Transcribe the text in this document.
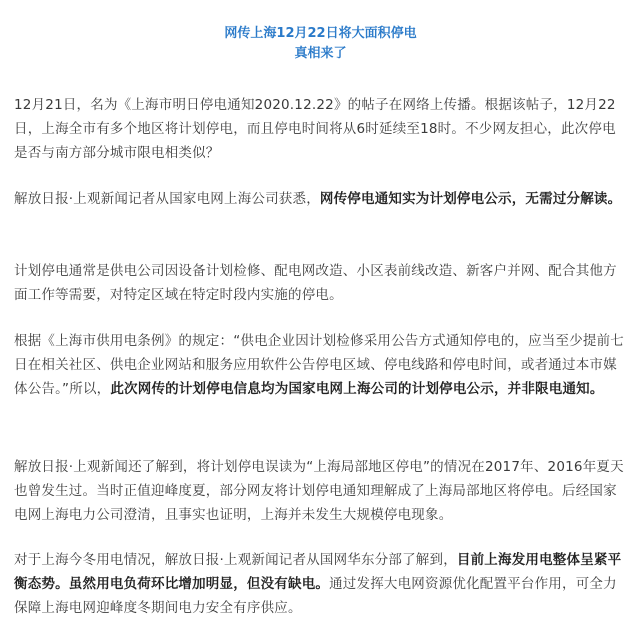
网传上海12月22日将大面积停电

真相来了

12月21日，名为《上海市明日停电通知2020.12.22》的帖子在网络上传播。根据该帖子，12月22日，上海全市有多个地区将计划停电，而且停电时间将从6时延续至18时。不少网友担心，此次停电是否与南方部分城市限电相类似？

解放日报·上观新闻记者从国家电网上海公司获悉，网传停电通知实为计划停电公示，无需过分解读。

计划停电通常是供电公司因设备计划检修、配电网改造、小区表前线改造、新客户并网、配合其他方面工作等需要，对特定区域在特定时段内实施的停电。

根据《上海市供用电条例》的规定：“供电企业因计划检修采用公告方式通知停电的，应当至少提前七日在相关社区、供电企业网站和服务应用软件公告停电区域、停电线路和停电时间，或者通过本市媒体公告。”所以，此次网传的计划停电信息均为国家电网上海公司的计划停电公示，并非限电通知。

解放日报·上观新闻还了解到，将计划停电误读为“上海局部地区停电”的情况在2017年、2016年夏天也曾发生过。当时正值迎峰度夏，部分网友将计划停电通知理解成了上海局部地区将停电。后经国家电网上海电力公司澄清，且事实也证明，上海并未发生大规模停电现象。

对于上海今冬用电情况，解放日报·上观新闻记者从国网华东分部了解到，目前上海发用电整体呈紧平衡态势。虽然用电负荷环比增加明显，但没有缺电。通过发挥大电网资源优化配置平台作用，可全力保障上海电网迎峰度冬期间电力安全有序供应。
